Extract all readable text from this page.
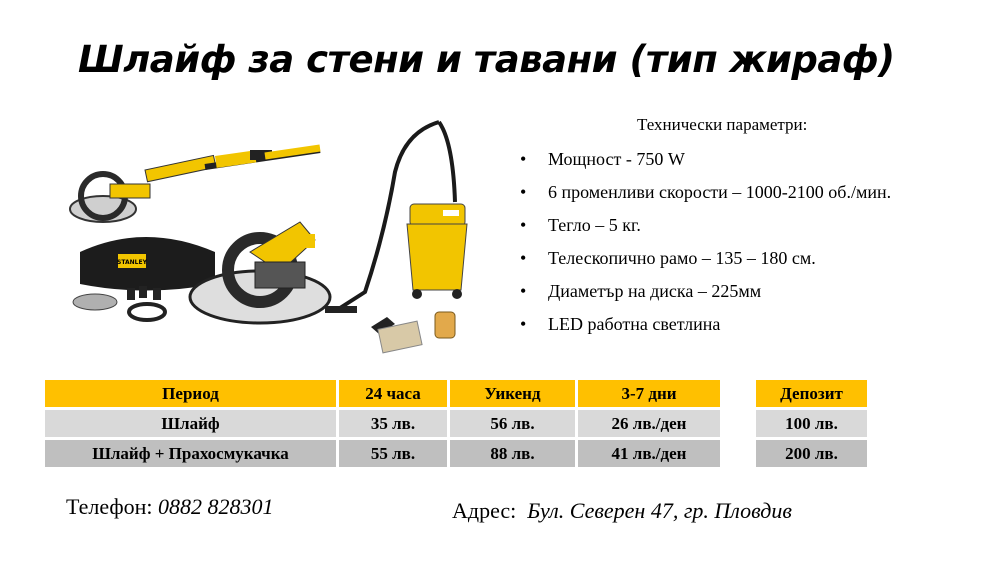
Шлайф за стени и тавани (тип жираф)
STANLEY
Технически параметри:
• Мощност - 750 W
• 6 променливи скорости – 1000-2100 об./мин.
• Тегло – 5 кг.
• Телескопично рамо – 135 – 180 см.
• Диаметър на диска – 225мм
• LED работна светлина
Период	24 часа	Уикенд	3-7 дни		Депозит
Шлайф	35 лв.	56 лв.	26 лв./ден		100 лв.
Шлайф + Прахосмукачка	55 лв.	88 лв.	41 лв./ден		200 лв.
Телефон: 0882 828301	Адрес:  Бул. Северен 47, гр. Пловдив
